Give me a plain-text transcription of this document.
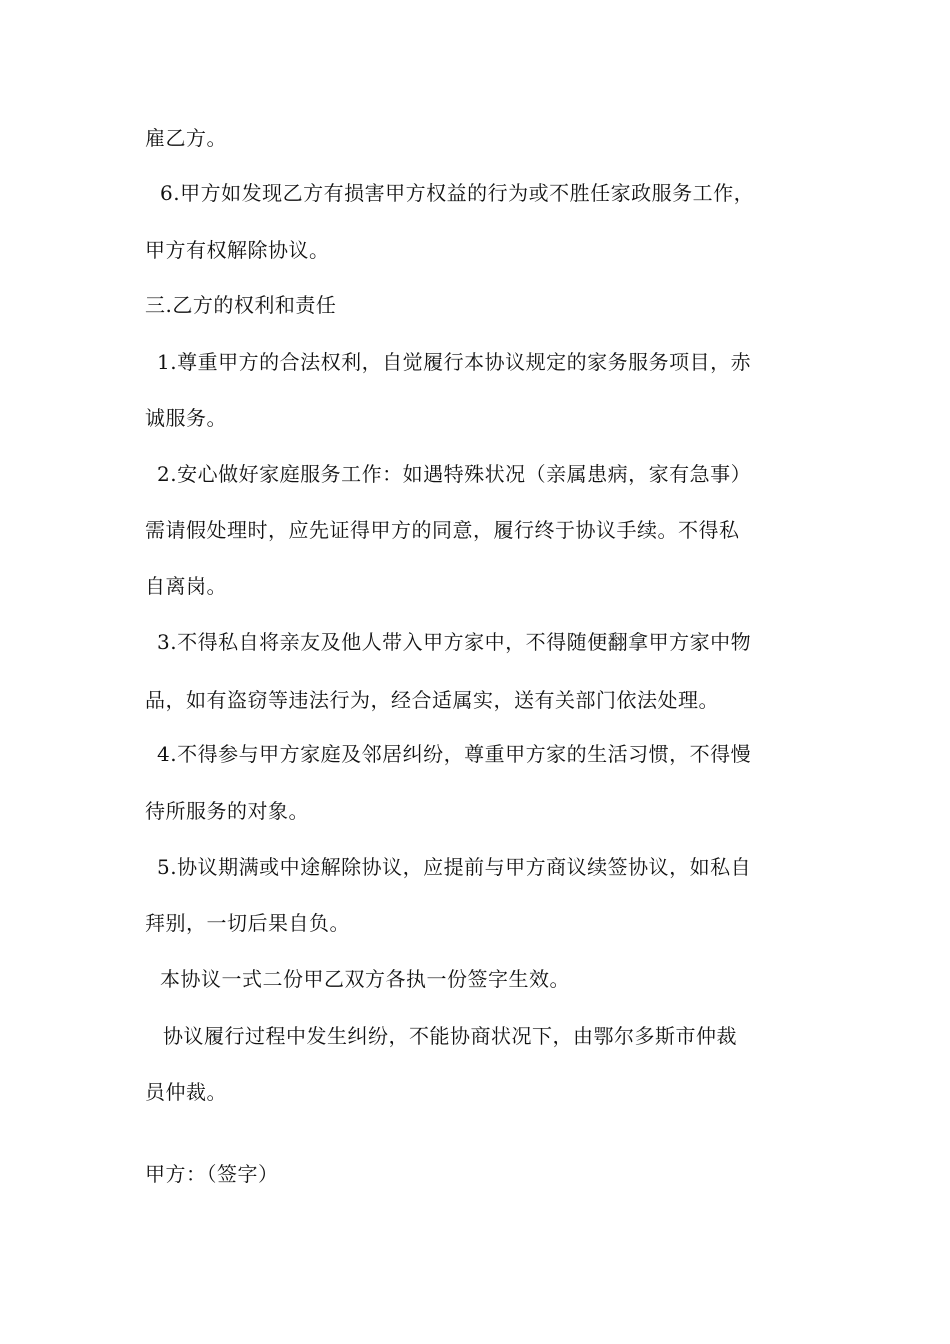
雇乙方。
6.甲方如发现乙方有损害甲方权益的行为或不胜任家政服务工作，
甲方有权解除协议。
三.乙方的权利和责任
1.尊重甲方的合法权利，自觉履行本协议规定的家务服务项目，赤
诚服务。
2.安心做好家庭服务工作：如遇特殊状况（亲属患病，家有急事）
需请假处理时，应先证得甲方的同意，履行终于协议手续。不得私
自离岗。
3.不得私自将亲友及他人带入甲方家中，不得随便翻拿甲方家中物
品，如有盗窃等违法行为，经合适属实，送有关部门依法处理。
4.不得参与甲方家庭及邻居纠纷，尊重甲方家的生活习惯，不得慢
待所服务的对象。
5.协议期满或中途解除协议，应提前与甲方商议续签协议，如私自
拜别，一切后果自负。
本协议一式二份甲乙双方各执一份签字生效。
协议履行过程中发生纠纷，不能协商状况下，由鄂尔多斯市仲裁
员仲裁。
甲方：（签字）
